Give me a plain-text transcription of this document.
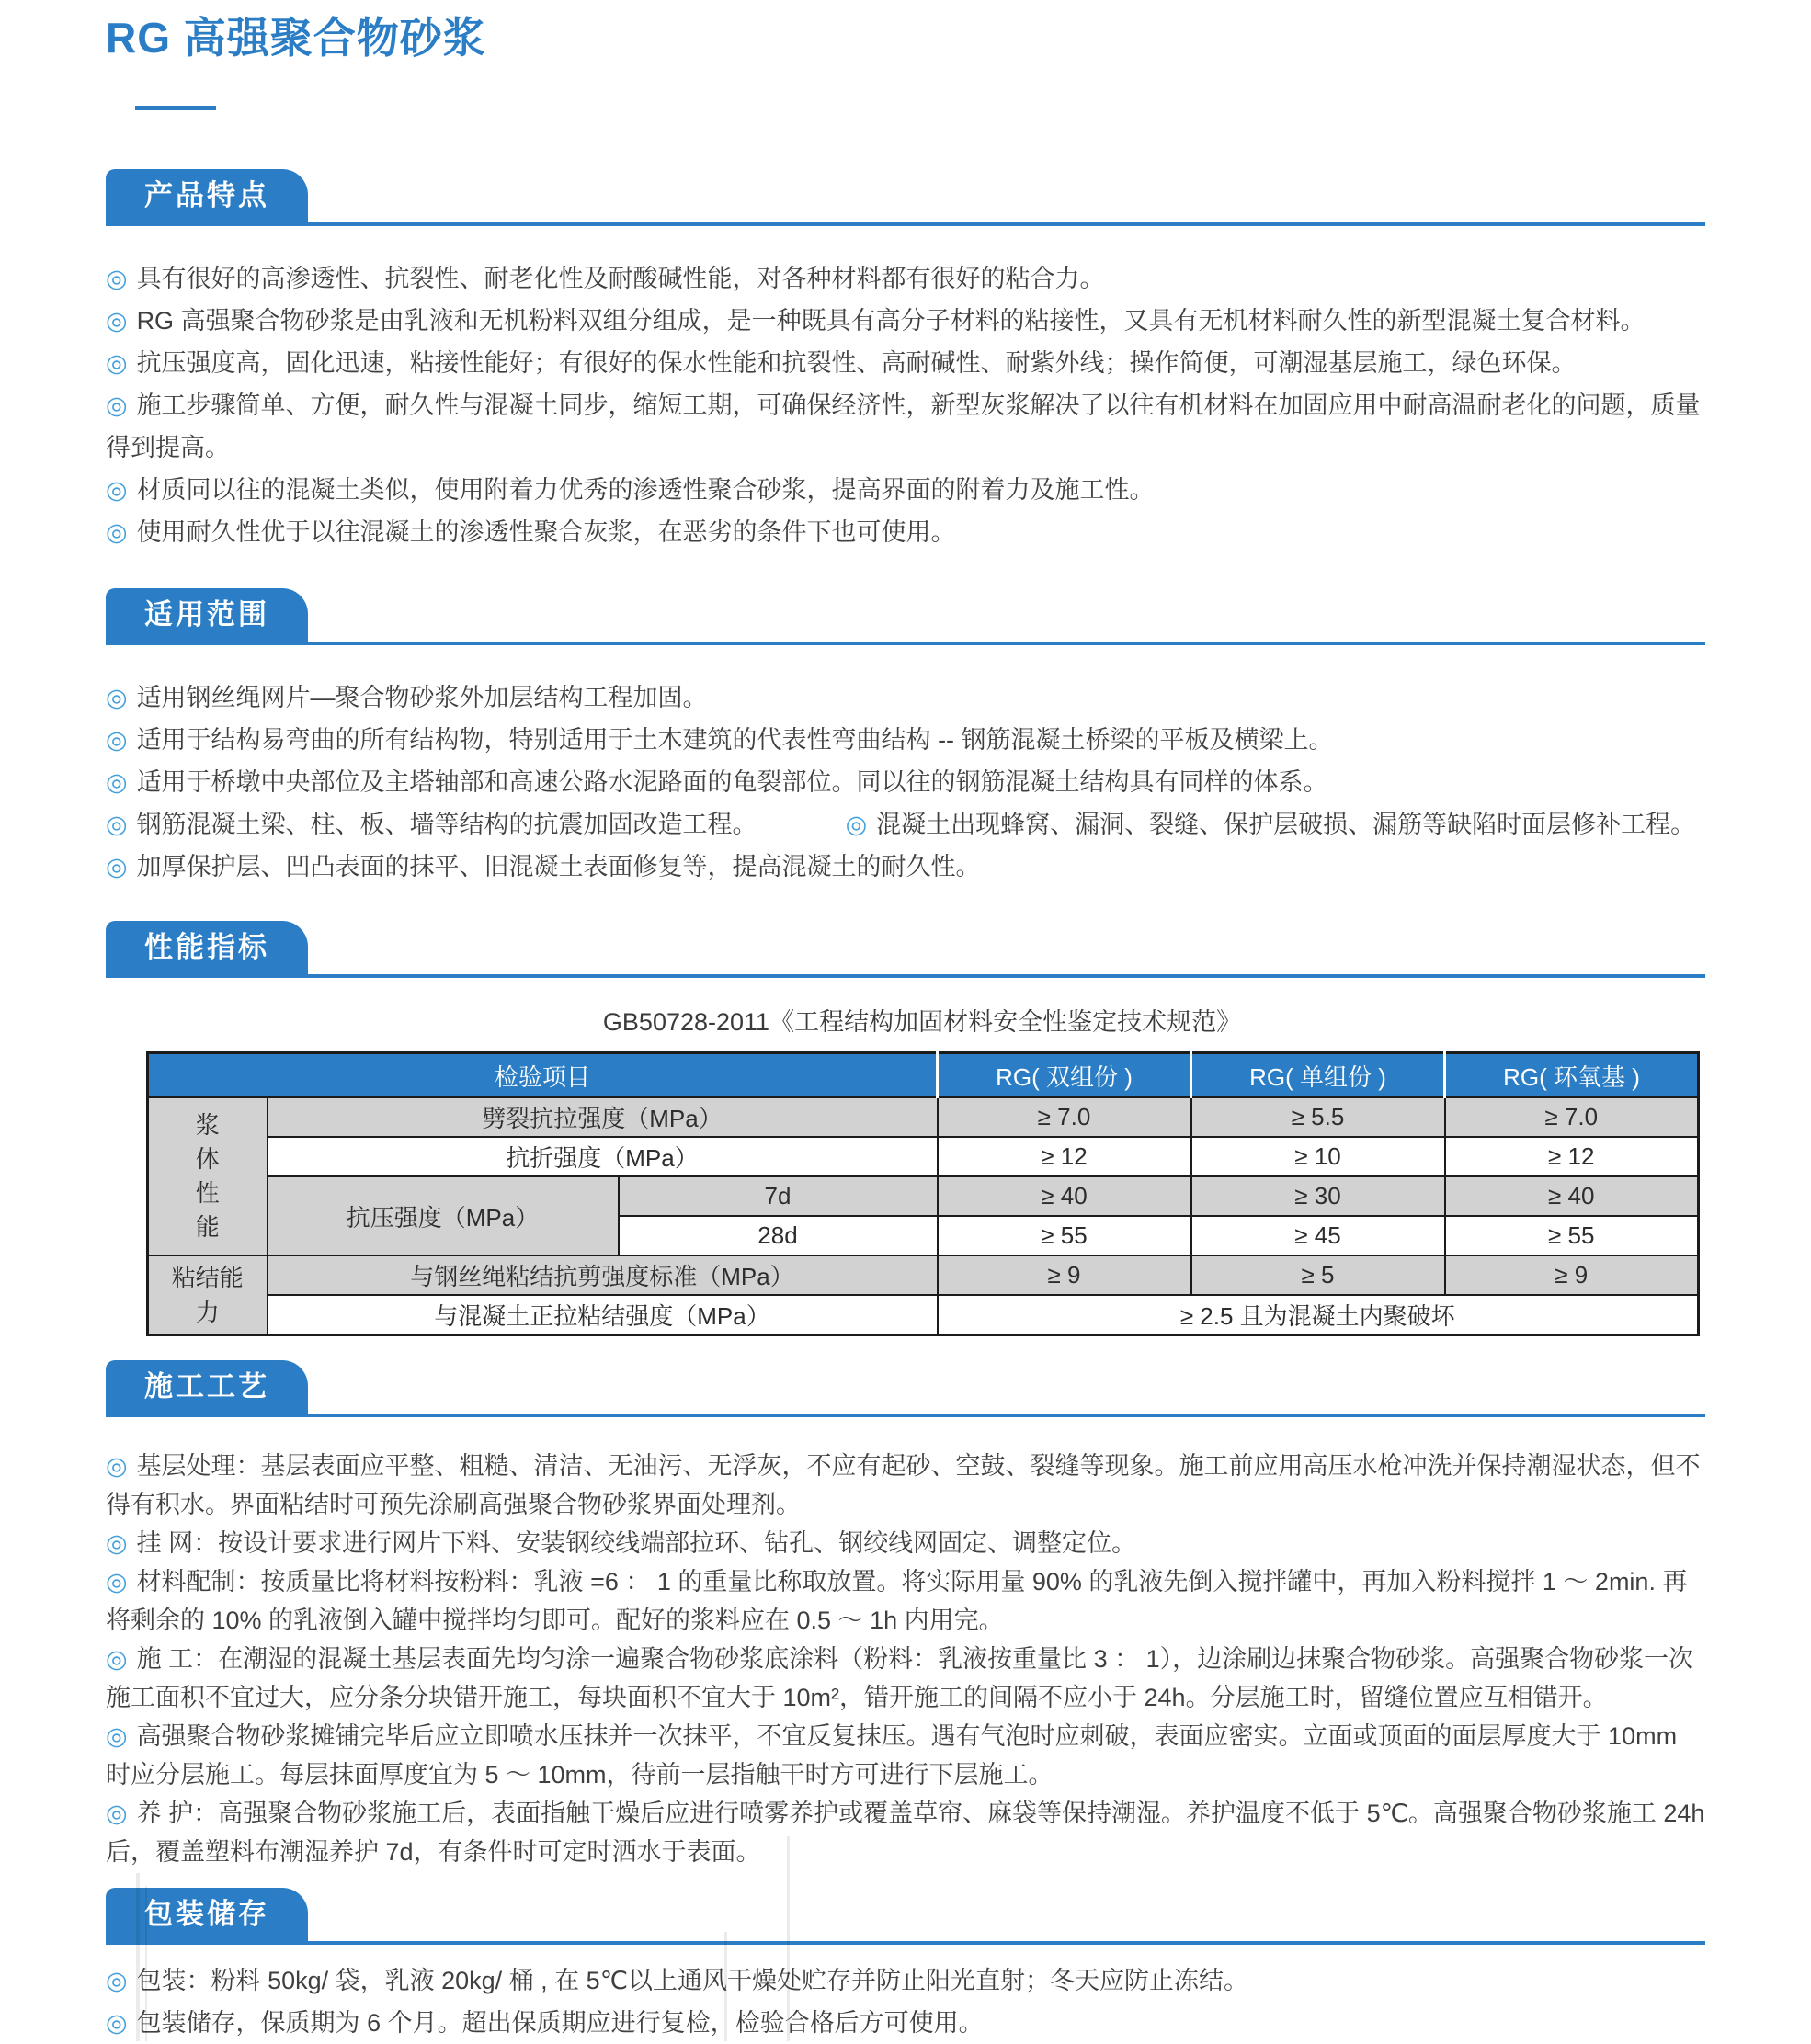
RG 高强聚合物砂浆
产品特点

◎ 具有很好的高渗透性、抗裂性、耐老化性及耐酸碱性能，对各种材料都有很好的粘合力。

◎ RG 高强聚合物砂浆是由乳液和无机粉料双组分组成，是一种既具有高分子材料的粘接性，又具有无机材料耐久性的新型混凝土复合材料。

◎ 抗压强度高，固化迅速，粘接性能好；有很好的保水性能和抗裂性、高耐碱性、耐紫外线；操作简便，可潮湿基层施工，绿色环保。

◎ 施工步骤简单、方便，耐久性与混凝土同步，缩短工期，可确保经济性，新型灰浆解决了以往有机材料在加固应用中耐高温耐老化的问题，质量得到提高。

◎ 材质同以往的混凝土类似，使用附着力优秀的渗透性聚合砂浆，提高界面的附着力及施工性。

◎ 使用耐久性优于以往混凝土的渗透性聚合灰浆，在恶劣的条件下也可使用。

适用范围

◎ 适用钢丝绳网片—聚合物砂浆外加层结构工程加固。

◎ 适用于结构易弯曲的所有结构物，特别适用于土木建筑的代表性弯曲结构 -- 钢筋混凝土桥梁的平板及横梁上。

◎ 适用于桥墩中央部位及主塔轴部和高速公路水泥路面的龟裂部位。同以往的钢筋混凝土结构具有同样的体系。

◎ 钢筋混凝土梁、柱、板、墙等结构的抗震加固改造工程。	◎ 混凝土出现蜂窝、漏洞、裂缝、保护层破损、漏筋等缺陷时面层修补工程。

◎ 加厚保护层、凹凸表面的抹平、旧混凝土表面修复等，提高混凝土的耐久性。

性能指标
GB50728-2011《工程结构加固材料安全性鉴定技术规范》
检验项目			RG( 双组份 )	RG( 单组份 )	RG( 环氧基 )
浆体性能	劈裂抗拉强度（MPa）		≥ 7.0	≥ 5.5	≥ 7.0
	抗折强度（MPa）		≥ 12	≥ 10	≥ 12
	抗压强度（MPa）	7d	≥ 40	≥ 30	≥ 40
		28d	≥ 55	≥ 45	≥ 55
粘结能力	与钢丝绳粘结抗剪强度标准（MPa）		≥ 9	≥ 5	≥ 9
	与混凝土正拉粘结强度（MPa）		≥ 2.5 且为混凝土内聚破坏		
施工工艺

◎ 基层处理：基层表面应平整、粗糙、清洁、无油污、无浮灰，不应有起砂、空鼓、裂缝等现象。施工前应用高压水枪冲洗并保持潮湿状态，但不得有积水。界面粘结时可预先涂刷高强聚合物砂浆界面处理剂。

◎ 挂 网：按设计要求进行网片下料、安装钢绞线端部拉环、钻孔、钢绞线网固定、调整定位。

◎ 材料配制：按质量比将材料按粉料：乳液 =6 ： 1 的重量比称取放置。将实际用量 90% 的乳液先倒入搅拌罐中，再加入粉料搅拌 1 ～ 2min. 再将剩余的 10% 的乳液倒入罐中搅拌均匀即可。配好的浆料应在 0.5 ～ 1h 内用完。

◎ 施 工：在潮湿的混凝土基层表面先均匀涂一遍聚合物砂浆底涂料（粉料：乳液按重量比 3 ： 1），边涂刷边抹聚合物砂浆。高强聚合物砂浆一次施工面积不宜过大，应分条分块错开施工，每块面积不宜大于 10m²，错开施工的间隔不应小于 24h。分层施工时，留缝位置应互相错开。

◎ 高强聚合物砂浆摊铺完毕后应立即喷水压抹并一次抹平，不宜反复抹压。遇有气泡时应刺破，表面应密实。立面或顶面的面层厚度大于 10mm 时应分层施工。每层抹面厚度宜为 5 ～ 10mm，待前一层指触干时方可进行下层施工。

◎ 养 护：高强聚合物砂浆施工后，表面指触干燥后应进行喷雾养护或覆盖草帘、麻袋等保持潮湿。养护温度不低于 5℃。高强聚合物砂浆施工 24h 后，覆盖塑料布潮湿养护 7d，有条件时可定时洒水于表面。

包装储存

◎ 包装：粉料 50kg/ 袋，乳液 20kg/ 桶 , 在 5℃以上通风干燥处贮存并防止阳光直射；冬天应防止冻结。

◎ 包装储存，保质期为 6 个月。超出保质期应进行复检，检验合格后方可使用。
